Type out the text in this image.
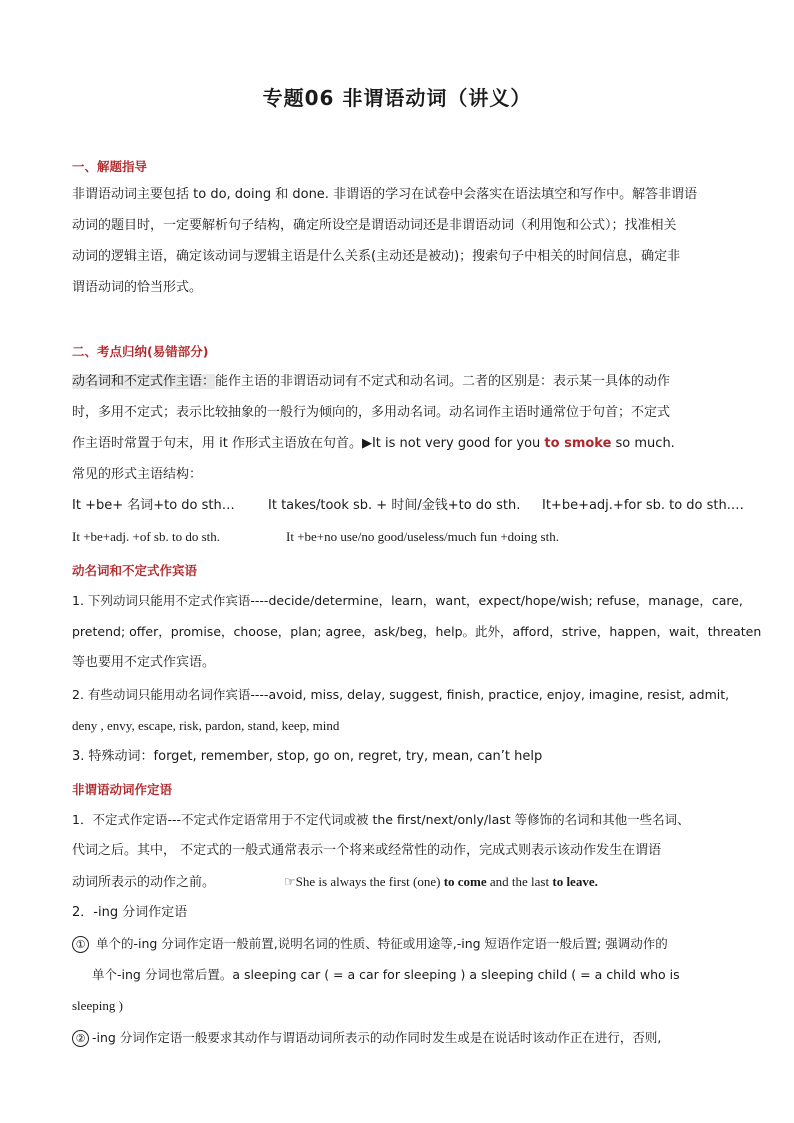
专题06 非谓语动词（讲义）
一、解题指导
非谓语动词主要包括 to do, doing 和 done. 非谓语的学习在试卷中会落实在语法填空和写作中。解答非谓语
动词的题目时，一定要解析句子结构，确定所设空是谓语动词还是非谓语动词（利用饱和公式）；找准相关
动词的逻辑主语，确定该动词与逻辑主语是什么关系(主动还是被动)；搜索句子中相关的时间信息，确定非
谓语动词的恰当形式。
二、考点归纳(易错部分)
动名词和不定式作主语：能作主语的非谓语动词有不定式和动名词。二者的区别是：表示某一具体的动作
时，多用不定式；表示比较抽象的一般行为倾向的，多用动名词。动名词作主语时通常位于句首；不定式
作主语时常置于句末，用 it 作形式主语放在句首。▶It is not very good for you to smoke so much.
常见的形式主语结构：
It +be+ 名词+to do sth…	It takes/took sb. + 时间/金钱+to do sth. It+be+adj.+for sb. to do sth.…
It +be+adj. +of sb. to do sth.	It +be+no use/no good/useless/much fun +doing sth.
动名词和不定式作宾语
1. 下列动词只能用不定式作宾语----decide/determine，learn，want，expect/hope/wish; refuse，manage，care,
pretend; offer，promise，choose，plan; agree，ask/beg，help。此外，afford，strive，happen，wait，threaten
等也要用不定式作宾语。
2. 有些动词只能用动名词作宾语----avoid, miss, delay, suggest, finish, practice, enjoy, imagine, resist, admit,
deny , envy, escape, risk, pardon, stand, keep, mind
3. 特殊动词：forget, remember, stop, go on, regret, try, mean, can’t help
非谓语动词作定语
1．不定式作定语---不定式作定语常用于不定代词或被 the first/next/only/last 等修饰的名词和其他一些名词、
代词之后。其中， 不定式的一般式通常表示一个将来或经常性的动作，完成式则表示该动作发生在谓语
动词所表示的动作之前。	☞She is always the first (one) to come and the last to leave.
2．-ing 分词作定语
① 单个的-ing 分词作定语一般前置,说明名词的性质、特征或用途等,-ing 短语作定语一般后置; 强调动作的
单个-ing 分词也常后置。a sleeping car ( = a car for sleeping ) a sleeping child ( = a child who is
sleeping )
② -ing 分词作定语一般要求其动作与谓语动词所表示的动作同时发生或是在说话时该动作正在进行，否则,
